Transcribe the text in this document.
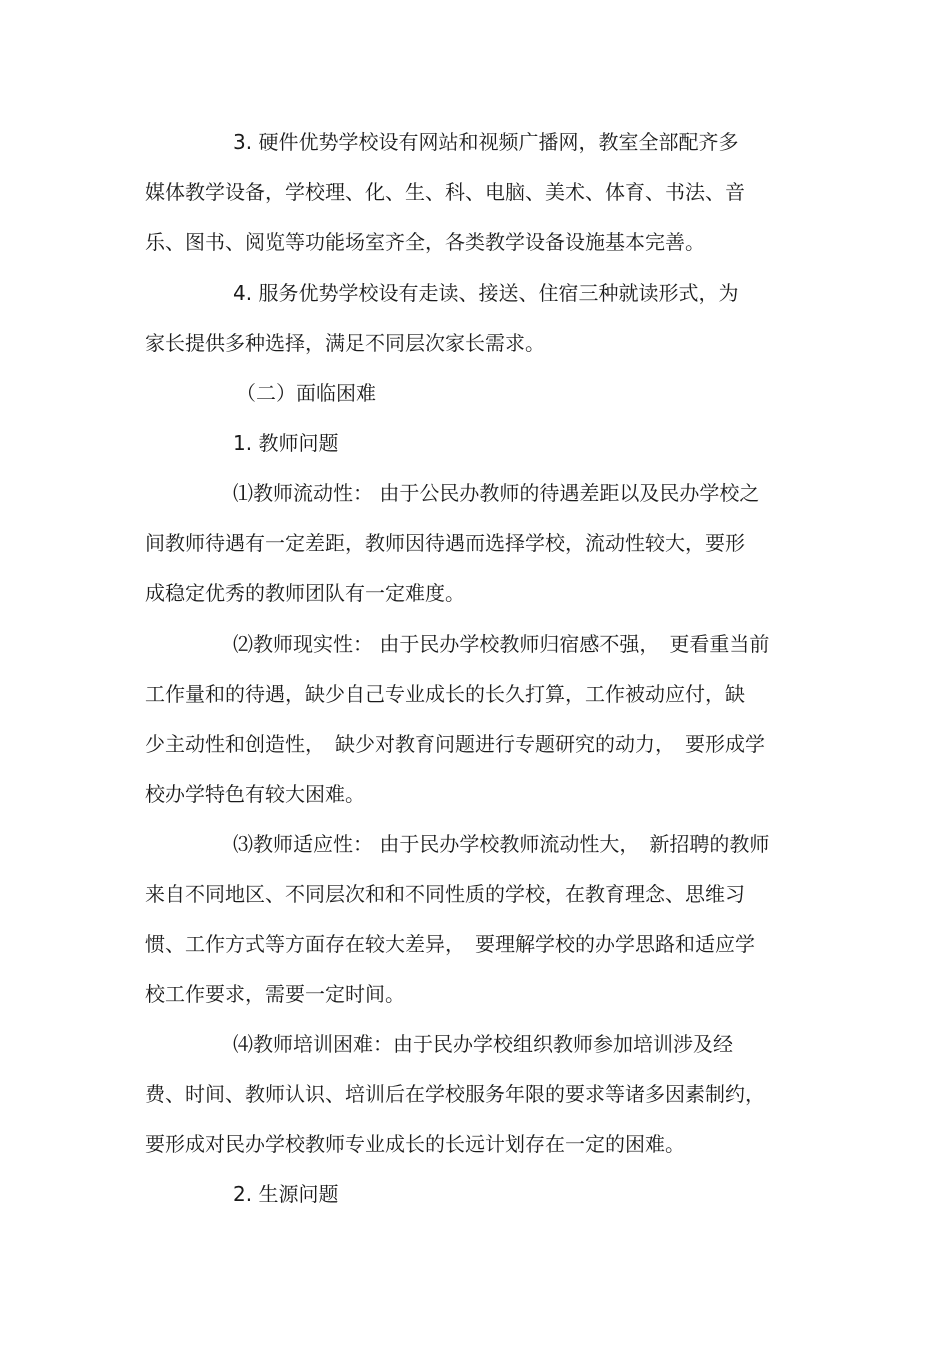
3. 硬件优势学校设有网站和视频广播网，教室全部配齐多
媒体教学设备，学校理、化、生、科、电脑、美术、体育、书法、音
乐、图书、阅览等功能场室齐全，各类教学设备设施基本完善。
4. 服务优势学校设有走读、接送、住宿三种就读形式，为
家长提供多种选择，满足不同层次家长需求。
（二）面临困难
1. 教师问题
⑴教师流动性： 由于公民办教师的待遇差距以及民办学校之
间教师待遇有一定差距，教师因待遇而选择学校，流动性较大，要形
成稳定优秀的教师团队有一定难度。
⑵教师现实性： 由于民办学校教师归宿感不强，　更看重当前
工作量和的待遇，缺少自己专业成长的长久打算，工作被动应付，缺
少主动性和创造性，　缺少对教育问题进行专题研究的动力，　要形成学
校办学特色有较大困难。
⑶教师适应性： 由于民办学校教师流动性大，　新招聘的教师
来自不同地区、不同层次和和不同性质的学校，在教育理念、思维习
惯、工作方式等方面存在较大差异，　要理解学校的办学思路和适应学
校工作要求，需要一定时间。
⑷教师培训困难：由于民办学校组织教师参加培训涉及经
费、时间、教师认识、培训后在学校服务年限的要求等诸多因素制约，
要形成对民办学校教师专业成长的长远计划存在一定的困难。
2. 生源问题
